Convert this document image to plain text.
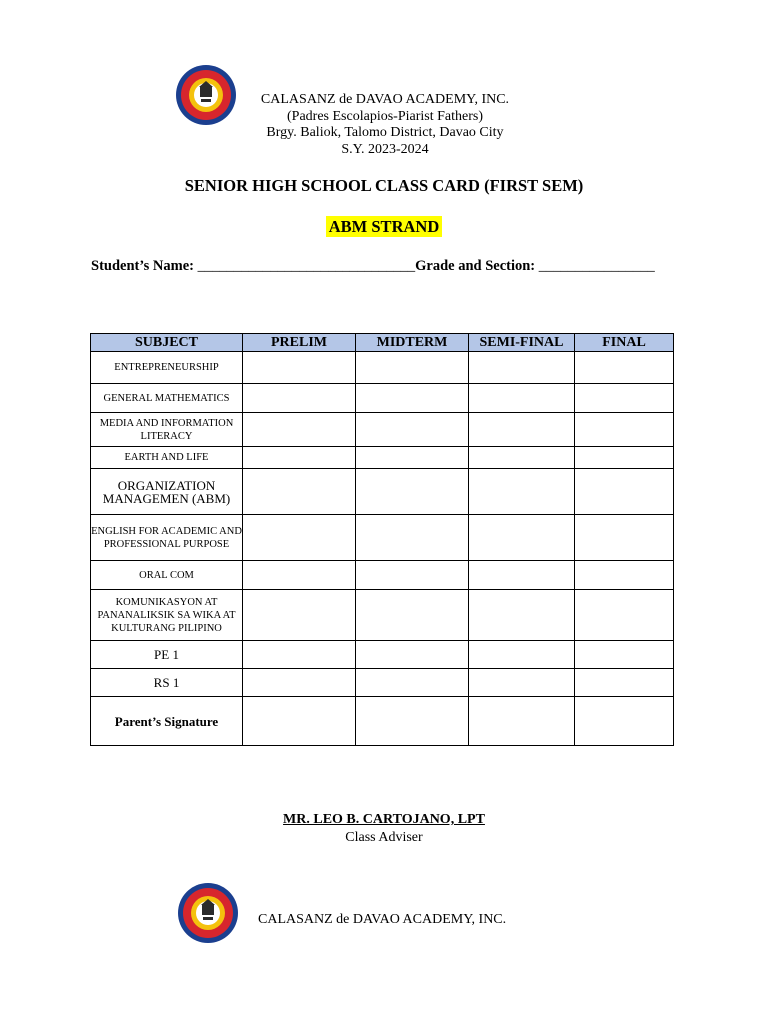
CALASANZ de DAVAO ACADEMY, INC.
(Padres Escolapios-Piarist Fathers)
Brgy. Baliok, Talomo District, Davao City
S.Y. 2023-2024
SENIOR HIGH SCHOOL CLASS CARD (FIRST SEM)
ABM STRAND
Student’s Name: ______________________________Grade and Section: ________________
SUBJECT	PRELIM	MIDTERM	SEMI-FINAL	FINAL
ENTREPRENEURSHIP				
GENERAL MATHEMATICS				
MEDIA AND INFORMATION LITERACY				
EARTH AND LIFE				
ORGANIZATION MANAGEMEN (ABM)				
ENGLISH FOR ACADEMIC AND PROFESSIONAL PURPOSE				
ORAL COM				
KOMUNIKASYON AT PANANALIKSIK SA WIKA AT KULTURANG PILIPINO				
PE 1				
RS 1				
Parent’s Signature				
MR. LEO B. CARTOJANO, LPT
Class Adviser
CALASANZ de DAVAO ACADEMY, INC.
